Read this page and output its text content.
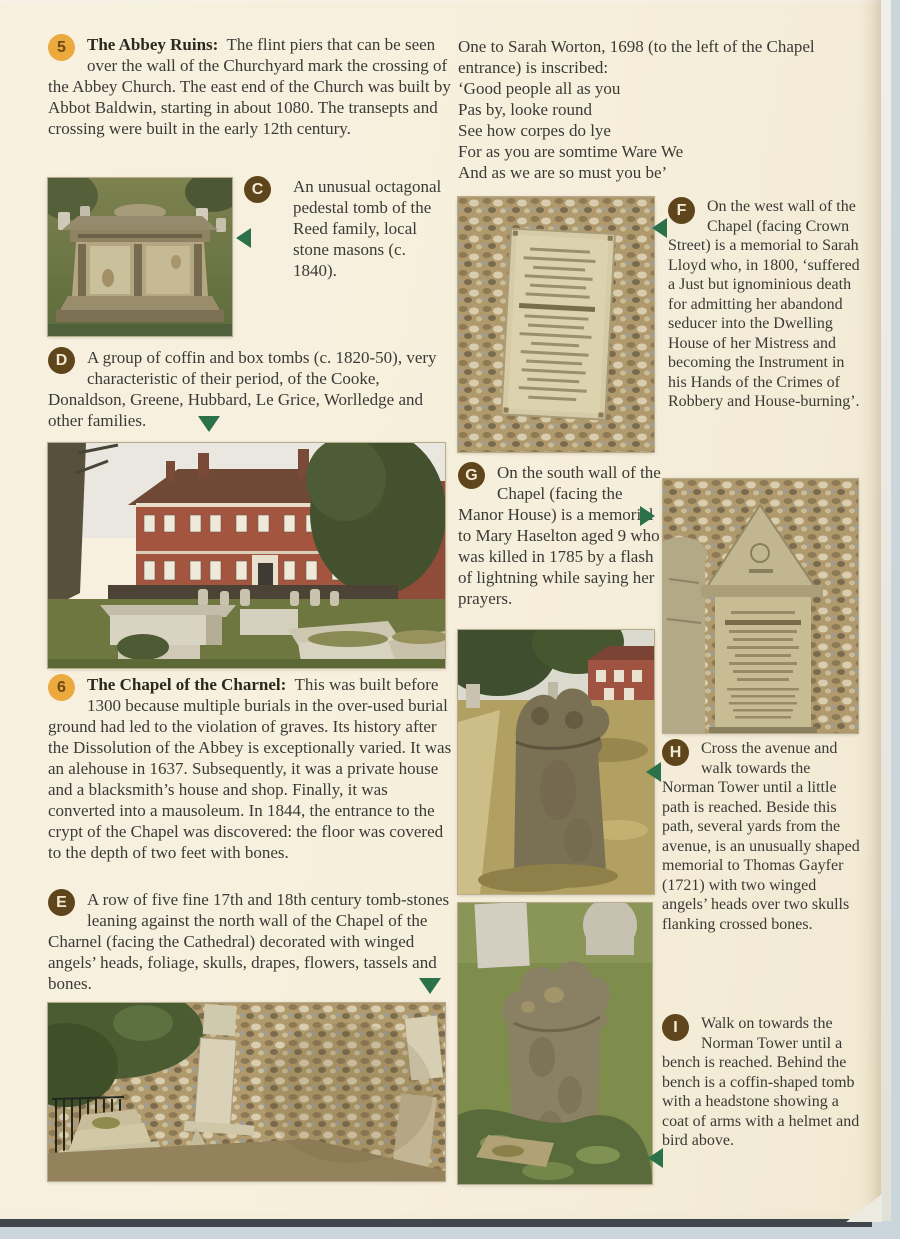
5	The Abbey Ruins: The flint piers that can be seen over the wall of the Churchyard mark the crossing of the Abbey Church. The east end of the Church was built by Abbot Baldwin, starting in about 1080. The transepts and crossing were built in the early 12th century.

C	An unusual octagonal pedestal tomb of the Reed family, local stone masons (c. 1840).

D	A group of coffin and box tombs (c. 1820-50), very characteristic of their period, of the Cooke, Donaldson, Greene, Hubbard, Le Grice, Worlledge and other families.

6	The Chapel of the Charnel: This was built before 1300 because multiple burials in the over-used burial ground had led to the violation of graves. Its history after the Dissolution of the Abbey is exceptionally varied. It was an alehouse in 1637. Subsequently, it was a private house and a blacksmith’s house and shop. Finally, it was converted into a mausoleum. In 1844, the entrance to the crypt of the Chapel was discovered: the floor was covered to the depth of two feet with bones.

E	A row of five fine 17th and 18th century tomb-stones leaning against the north wall of the Chapel of the Charnel (facing the Cathedral) decorated with winged angels’ heads, foliage, skulls, drapes, flowers, tassels and bones.

One to Sarah Worton, 1698 (to the left of the Chapel entrance) is inscribed:

‘Good people all as you
Pas by, looke round
See how corpes do lye
For as you are somtime Ware We
And as we are so must you be’
F	On the west wall of the Chapel (facing Crown Street) is a memorial to Sarah Lloyd who, in 1800, ‘suffered a Just but ignominious death for admitting her abandond seducer into the Dwelling House of her Mistress and becoming the Instrument in his Hands of the Crimes of Robbery and House-burning’.

G	On the south wall of the Chapel (facing the Manor House) is a memorial to Mary Haselton aged 9 who was killed in 1785 by a flash of lightning while saying her prayers.

H	Cross the avenue and walk towards the Norman Tower until a little path is reached. Beside this path, several yards from the avenue, is an unusually shaped memorial to Thomas Gayfer (1721) with two winged angels’ heads over two skulls flanking crossed bones.

I	Walk on towards the Norman Tower until a bench is reached. Behind the bench is a coffin-shaped tomb with a headstone showing a coat of arms with a helmet and bird above.
